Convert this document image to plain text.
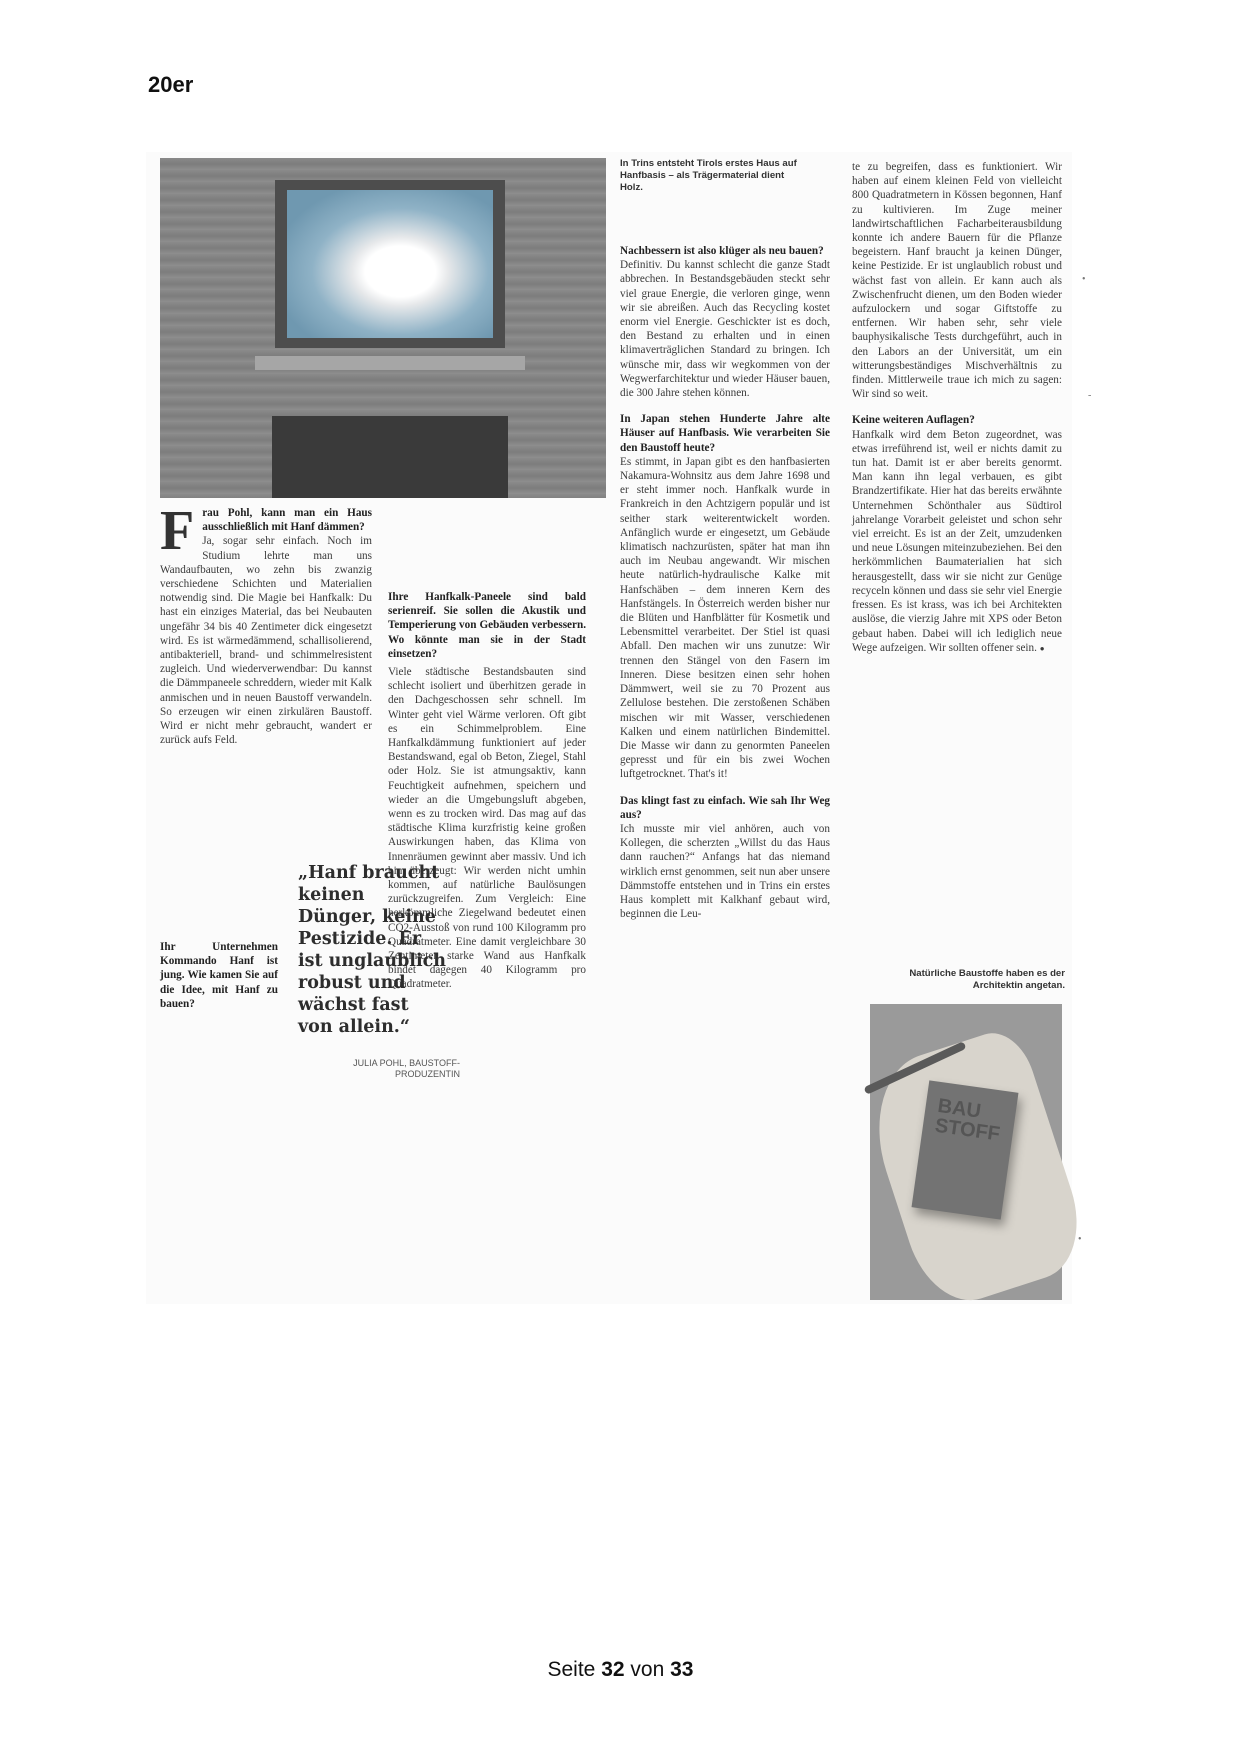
20er
In Trins entsteht Tirols erstes Haus auf Hanfbasis – als Trägermaterial dient Holz.

Frau Pohl, kann man ein Haus ausschließlich mit Hanf dämmen?

Ja, sogar sehr einfach. Noch im Studium lehrte man uns Wandaufbauten, wo zehn bis zwanzig verschiedene Schichten und Materialien notwendig sind. Die Magie bei Hanfkalk: Du hast ein einziges Material, das bei Neubauten ungefähr 34 bis 40 Zentimeter dick eingesetzt wird. Es ist wärmedämmend, schallisolierend, antibakteriell, brand- und schimmelresistent zugleich. Und wiederverwendbar: Du kannst die Dämmpaneele schreddern, wieder mit Kalk anmischen und in neuen Baustoff verwandeln. So erzeugen wir einen zirkulären Baustoff. Wird er nicht mehr gebraucht, wandert er zurück aufs Feld.

Ihr Unternehmen Kommando Hanf ist jung. Wie kamen Sie auf die Idee, mit Hanf zu bauen?

Ihre Hanfkalk-Paneele sind bald serienreif. Sie sollen die Akustik und Temperierung von Gebäuden verbessern. Wo könnte man sie in der Stadt einsetzen?

Viele städtische Bestandsbauten sind schlecht isoliert und überhitzen gerade in den Dachgeschossen sehr schnell. Im Winter geht viel Wärme verloren. Oft gibt es ein Schimmelproblem. Eine Hanfkalkdämmung funktioniert auf jeder Bestandswand, egal ob Beton, Ziegel, Stahl oder Holz. Sie ist atmungsaktiv, kann Feuchtigkeit aufnehmen, speichern und wieder an die Umgebungsluft abgeben, wenn es zu trocken wird. Das mag auf das städtische Klima kurzfristig keine großen Auswirkungen haben, das Klima von Innenräumen gewinnt aber massiv. Und ich bin überzeugt: Wir werden nicht umhin kommen, auf natürliche Baulösungen zurückzugreifen. Zum Vergleich: Eine herkömmliche Ziegelwand bedeutet einen CO2-Ausstoß von rund 100 Kilogramm pro Quadratmeter. Eine damit vergleichbare 30 Zentimeter starke Wand aus Hanfkalk bindet dagegen 40 Kilogramm pro Quadratmeter.

„Hanf braucht keinen Dünger, keine Pestizide. Er ist unglaublich robust und wächst fast von allein.“
JULIA POHL, BAUSTOFF-PRODUZENTIN

Nachbessern ist also klüger als neu bauen?

Definitiv. Du kannst schlecht die ganze Stadt abbrechen. In Bestandsgebäuden steckt sehr viel graue Energie, die verloren ginge, wenn wir sie abreißen. Auch das Recycling kostet enorm viel Energie. Geschickter ist es doch, den Bestand zu erhalten und in einen klimaverträglichen Standard zu bringen. Ich wünsche mir, dass wir wegkommen von der Wegwerfarchitektur und wieder Häuser bauen, die 300 Jahre stehen können.

In Japan stehen Hunderte Jahre alte Häuser auf Hanfbasis. Wie verarbeiten Sie den Baustoff heute?

Es stimmt, in Japan gibt es den hanfbasierten Nakamura-Wohnsitz aus dem Jahre 1698 und er steht immer noch. Hanfkalk wurde in Frankreich in den Achtzigern populär und ist seither stark weiterentwickelt worden. Anfänglich wurde er eingesetzt, um Gebäude klimatisch nachzurüsten, später hat man ihn auch im Neubau angewandt. Wir mischen heute natürlich-hydraulische Kalke mit Hanfschäben – dem inneren Kern des Hanfstängels. In Österreich werden bisher nur die Blüten und Hanfblätter für Kosmetik und Lebensmittel verarbeitet. Der Stiel ist quasi Abfall. Den machen wir uns zunutze: Wir trennen den Stängel von den Fasern im Inneren. Diese besitzen einen sehr hohen Dämmwert, weil sie zu 70 Prozent aus Zellulose bestehen. Die zerstoßenen Schäben mischen wir mit Wasser, verschiedenen Kalken und einem natürlichen Bindemittel. Die Masse wir dann zu genormten Paneelen gepresst und für ein bis zwei Wochen luftgetrocknet. That's it!

Das klingt fast zu einfach. Wie sah Ihr Weg aus?

Ich musste mir viel anhören, auch von Kollegen, die scherzten „Willst du das Haus dann rauchen?“ Anfangs hat das niemand wirklich ernst genommen, seit nun aber unsere Dämmstoffe entstehen und in Trins ein erstes Haus komplett mit Kalkhanf gebaut wird, beginnen die Leu-

te zu begreifen, dass es funktioniert. Wir haben auf einem kleinen Feld von vielleicht 800 Quadratmetern in Kössen begonnen, Hanf zu kultivieren. Im Zuge meiner landwirtschaftlichen Facharbeiterausbildung konnte ich andere Bauern für die Pflanze begeistern. Hanf braucht ja keinen Dünger, keine Pestizide. Er ist unglaublich robust und wächst fast von allein. Er kann auch als Zwischenfrucht dienen, um den Boden wieder aufzulockern und sogar Giftstoffe zu entfernen. Wir haben sehr, sehr viele bauphysikalische Tests durchgeführt, auch in den Labors an der Universität, um ein witterungsbeständiges Mischverhältnis zu finden. Mittlerweile traue ich mich zu sagen: Wir sind so weit.

Keine weiteren Auflagen?

Hanfkalk wird dem Beton zugeordnet, was etwas irreführend ist, weil er nichts damit zu tun hat. Damit ist er aber bereits genormt. Man kann ihn legal verbauen, es gibt Brandzertifikate. Hier hat das bereits erwähnte Unternehmen Schönthaler aus Südtirol jahrelange Vorarbeit geleistet und schon sehr viel erreicht. Es ist an der Zeit, umzudenken und neue Lösungen miteinzubeziehen. Bei den herkömmlichen Baumaterialien hat sich herausgestellt, dass wir sie nicht zur Genüge recyceln können und dass sie sehr viel Energie fressen. Es ist krass, was ich bei Architekten auslöse, die vierzig Jahre mit XPS oder Beton gebaut haben. Dabei will ich lediglich neue Wege aufzeigen. Wir sollten offener sein. ●

Natürliche Baustoffe haben es der Architektin angetan.
BAU STOFF
•
-
•
Seite 32 von 33
